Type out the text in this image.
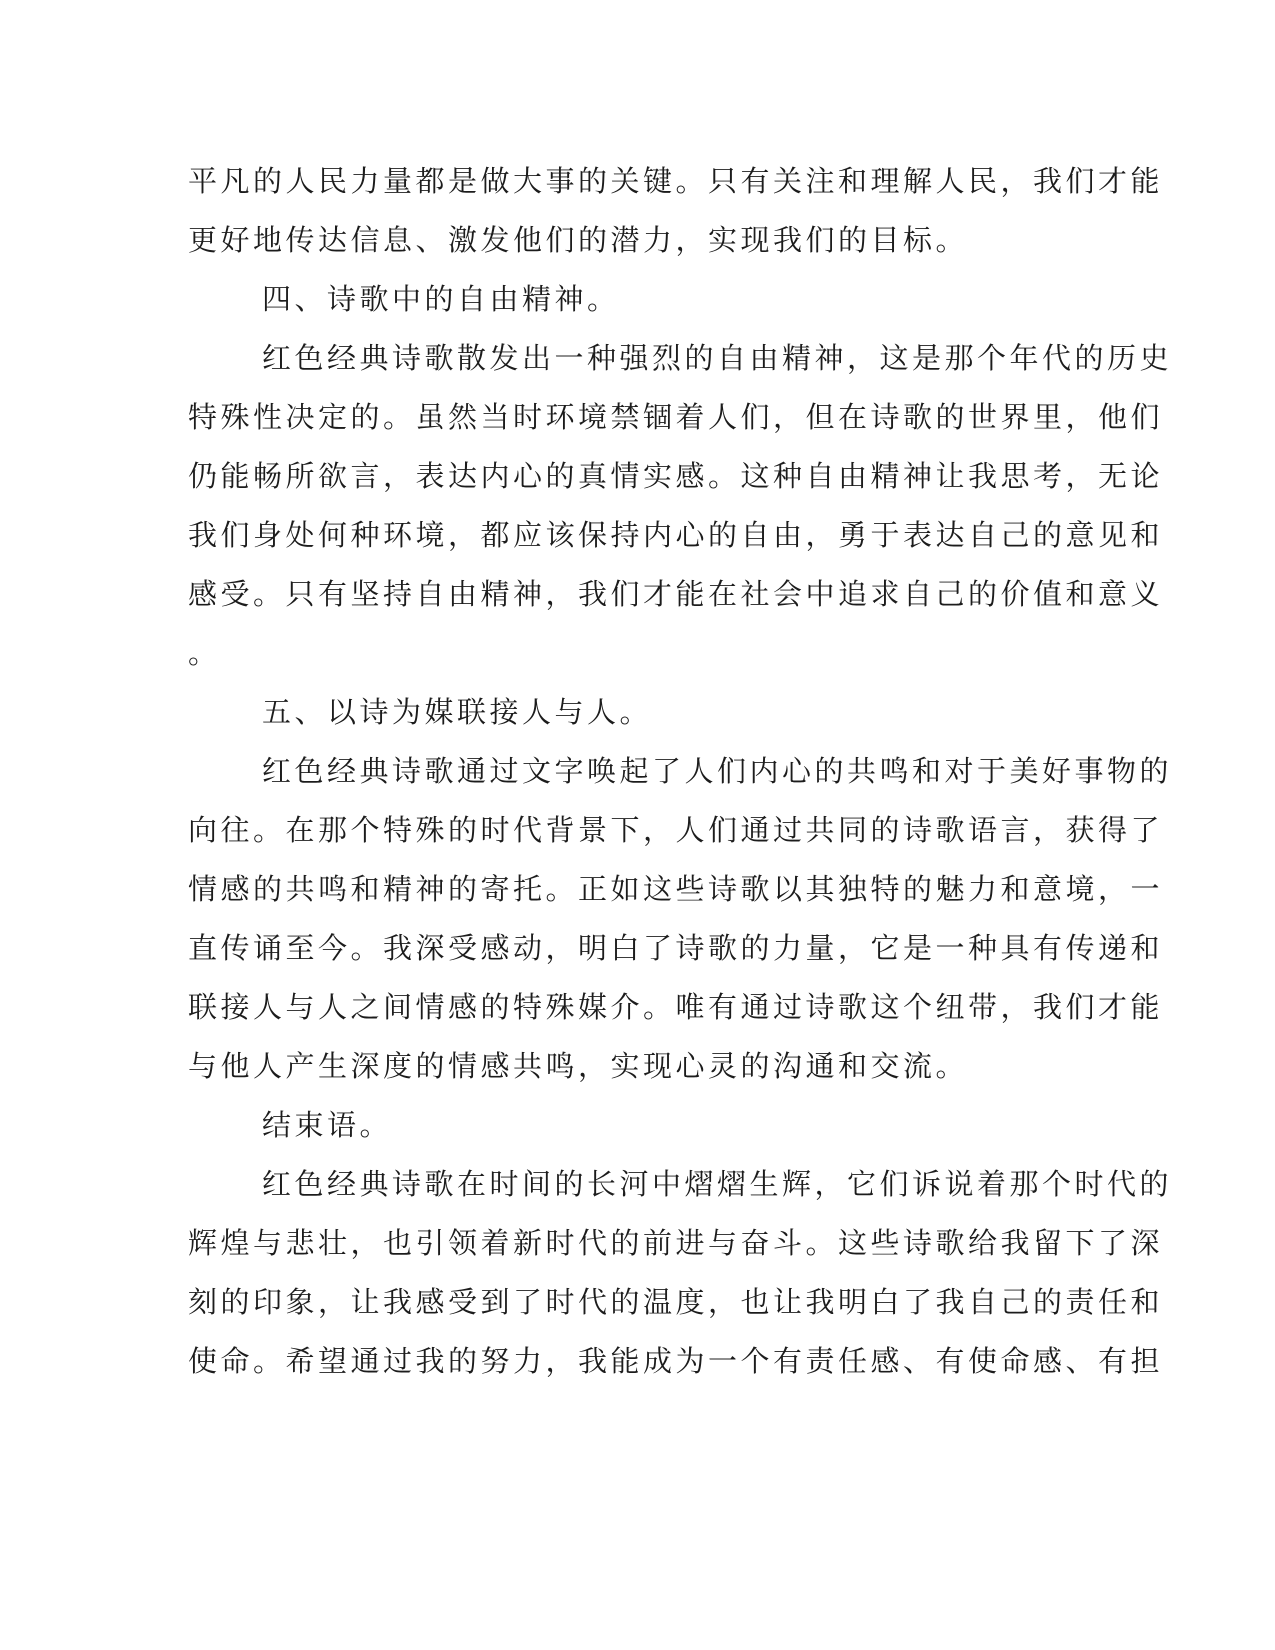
平凡的人民力量都是做大事的关键。只有关注和理解人民，我们才能

更好地传达信息、激发他们的潜力，实现我们的目标。

四、诗歌中的自由精神。

红色经典诗歌散发出一种强烈的自由精神，这是那个年代的历史

特殊性决定的。虽然当时环境禁锢着人们，但在诗歌的世界里，他们

仍能畅所欲言，表达内心的真情实感。这种自由精神让我思考，无论

我们身处何种环境，都应该保持内心的自由，勇于表达自己的意见和

感受。只有坚持自由精神，我们才能在社会中追求自己的价值和意义

。

五、以诗为媒联接人与人。

红色经典诗歌通过文字唤起了人们内心的共鸣和对于美好事物的

向往。在那个特殊的时代背景下，人们通过共同的诗歌语言，获得了

情感的共鸣和精神的寄托。正如这些诗歌以其独特的魅力和意境，一

直传诵至今。我深受感动，明白了诗歌的力量，它是一种具有传递和

联接人与人之间情感的特殊媒介。唯有通过诗歌这个纽带，我们才能

与他人产生深度的情感共鸣，实现心灵的沟通和交流。

结束语。

红色经典诗歌在时间的长河中熠熠生辉，它们诉说着那个时代的

辉煌与悲壮，也引领着新时代的前进与奋斗。这些诗歌给我留下了深

刻的印象，让我感受到了时代的温度，也让我明白了我自己的责任和

使命。希望通过我的努力，我能成为一个有责任感、有使命感、有担
